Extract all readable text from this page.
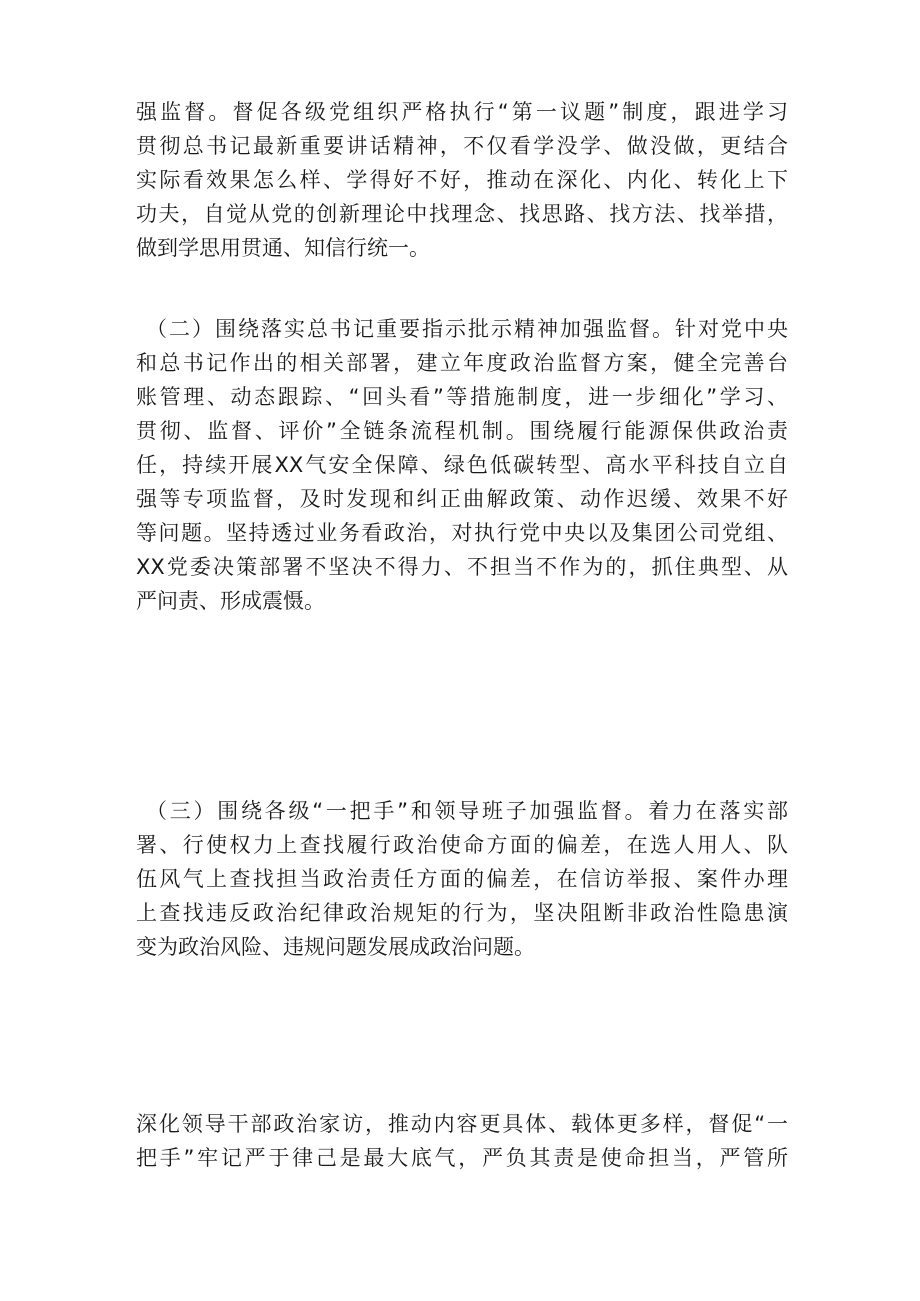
强监督。督促各级党组织严格执行“第一议题”制度，跟进学习
贯彻总书记最新重要讲话精神，不仅看学没学、做没做，更结合
实际看效果怎么样、学得好不好，推动在深化、内化、转化上下
功夫，自觉从党的创新理论中找理念、找思路、找方法、找举措，
做到学思用贯通、知信行统一。
（二）围绕落实总书记重要指示批示精神加强监督。针对党中央
和总书记作出的相关部署，建立年度政治监督方案，健全完善台
账管理、动态跟踪、“回头看”等措施制度，进一步细化”学习、
贯彻、监督、评价”全链条流程机制。围绕履行能源保供政治责
任，持续开展XX气安全保障、绿色低碳转型、高水平科技自立自
强等专项监督，及时发现和纠正曲解政策、动作迟缓、效果不好
等问题。坚持透过业务看政治，对执行党中央以及集团公司党组、
XX党委决策部署不坚决不得力、不担当不作为的，抓住典型、从
严问责、形成震慑。
（三）围绕各级“一把手”和领导班子加强监督。着力在落实部
署、行使权力上查找履行政治使命方面的偏差，在选人用人、队
伍风气上查找担当政治责任方面的偏差，在信访举报、案件办理
上查找违反政治纪律政治规矩的行为，坚决阻断非政治性隐患演
变为政治风险、违规问题发展成政治问题。
深化领导干部政治家访，推动内容更具体、载体更多样，督促“一
把手”牢记严于律己是最大底气，严负其责是使命担当，严管所
